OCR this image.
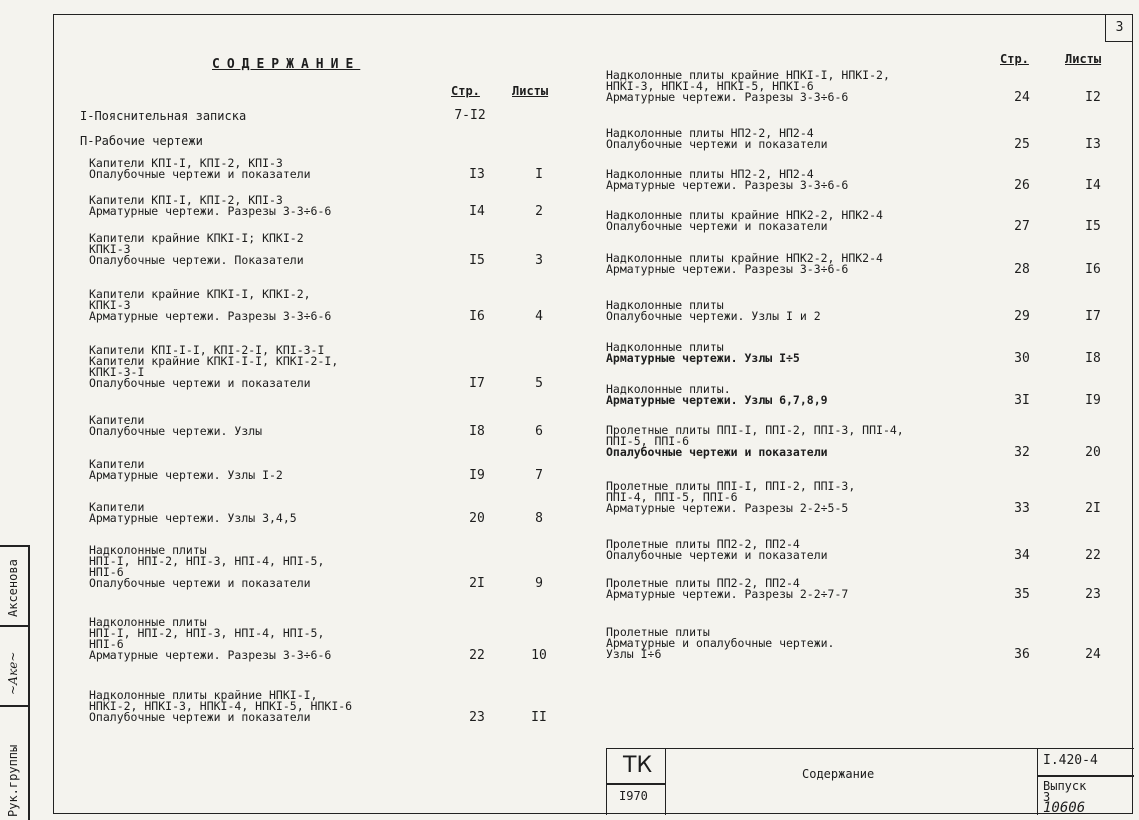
3
СОДЕРЖАНИЕ
Стр.	Листы
Стр.	Листы
I-Пояснительная записка	7-I2
П-Рабочие чертежи
Капители КПI-I, КПI-2, КПI-3
Опалубочные чертежи и показатели	I3	I
Капители КПI-I, КПI-2, КПI-3
Арматурные чертежи. Разрезы 3-3÷6-6	I4	2
Капители крайние КПКI-I; КПКI-2
КПКI-3
Опалубочные чертежи. Показатели	I5	3
Капители крайние КПКI-I, КПКI-2,
КПКI-3
Арматурные чертежи. Разрезы 3-3÷6-6	I6	4
Капители КПI-I-I, КПI-2-I, КПI-3-I
Капители крайние КПКI-I-I, КПКI-2-I,
КПКI-3-I
Опалубочные чертежи и показатели	I7	5
Капители
Опалубочные чертежи. Узлы	I8	6
Капители
Арматурные чертежи. Узлы I-2	I9	7
Капители
Арматурные чертежи. Узлы 3,4,5	20	8
Надколонные плиты
НПI-I, НПI-2, НПI-3, НПI-4, НПI-5,
НПI-6
Опалубочные чертежи и показатели	2I	9
Надколонные плиты
НПI-I, НПI-2, НПI-3, НПI-4, НПI-5,
НПI-6
Арматурные чертежи. Разрезы 3-3÷6-6	22	10
Надколонные плиты крайние НПКI-I,
НПКI-2, НПКI-3, НПКI-4, НПКI-5, НПКI-6
Опалубочные чертежи и показатели	23	II
Надколонные плиты крайние НПКI-I, НПКI-2,
НПКI-3, НПКI-4, НПКI-5, НПКI-6
Арматурные чертежи. Разрезы 3-3÷6-6	24	I2
Надколонные плиты НП2-2, НП2-4
Опалубочные чертежи и показатели	25	I3
Надколонные плиты НП2-2, НП2-4
Арматурные чертежи. Разрезы 3-3÷6-6	26	I4
Надколонные плиты крайние НПК2-2, НПК2-4
Опалубочные чертежи и показатели	27	I5
Надколонные плиты крайние НПК2-2, НПК2-4
Арматурные чертежи. Разрезы 3-3÷6-6	28	I6
Надколонные плиты
Опалубочные чертежи. Узлы I и 2	29	I7
Надколонные плиты
Арматурные чертежи. Узлы I÷5	30	I8
Надколонные плиты.
Арматурные чертежи. Узлы 6,7,8,9	3I	I9
Пролетные плиты ППI-I, ППI-2, ППI-3, ППI-4,
ППI-5, ППI-6
Опалубочные чертежи и показатели	32	20
Пролетные плиты ППI-I, ППI-2, ППI-3,
ППI-4, ППI-5, ППI-6
Арматурные чертежи. Разрезы 2-2÷5-5	33	2I
Пролетные плиты ПП2-2, ПП2-4
Опалубочные чертежи и показатели	34	22
Пролетные плиты ПП2-2, ПП2-4
Арматурные чертежи. Разрезы 2-2÷7-7	35	23
Пролетные плиты
Арматурные и опалубочные чертежи.
Узлы I÷6	36	24
Рук.группы
~Аке~
Аксенова
ТК
I970
Содержание
I.420-4
Выпуск
3
10606
